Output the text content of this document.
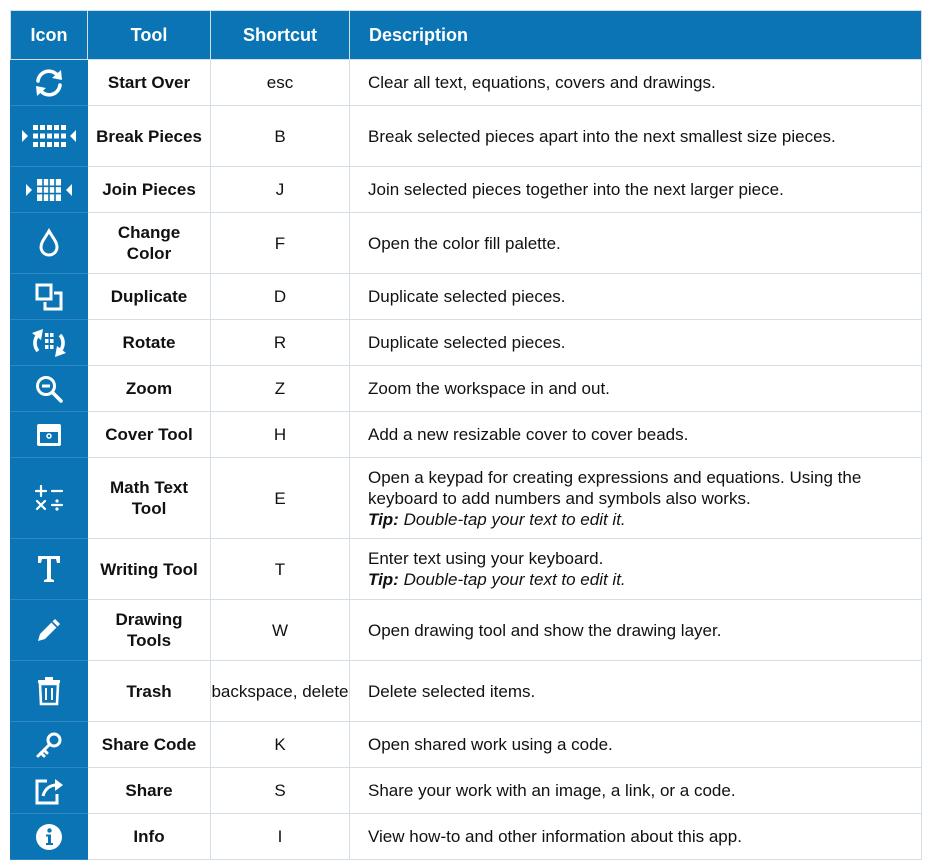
Icon	Tool	Shortcut	Description

	Start Over	esc	Clear all text, equations, covers and drawings.

	Break Pieces	B	Break selected pieces apart into the next smallest size pieces.

	Join Pieces	J	Join selected pieces together into the next larger piece.

	Change Color	F	Open the color fill palette.

	Duplicate	D	Duplicate selected pieces.

	Rotate	R	Duplicate selected pieces.

	Zoom	Z	Zoom the workspace in and out.

	Cover Tool	H	Add a new resizable cover to cover beads.

	Math Text Tool	E	Open a keypad for creating expressions and equations. Using the keyboard to add numbers and symbols also works.
Tip: Double-tap your text to edit it.

	Writing Tool	T	Enter text using your keyboard.
Tip: Double-tap your text to edit it.

	Drawing Tools	W	Open drawing tool and show the drawing layer.

	Trash	backspace, delete	Delete selected items.

	Share Code	K	Open shared work using a code.

	Share	S	Share your work with an image, a link, or a code.

	Info	I	View how-to and other information about this app.
